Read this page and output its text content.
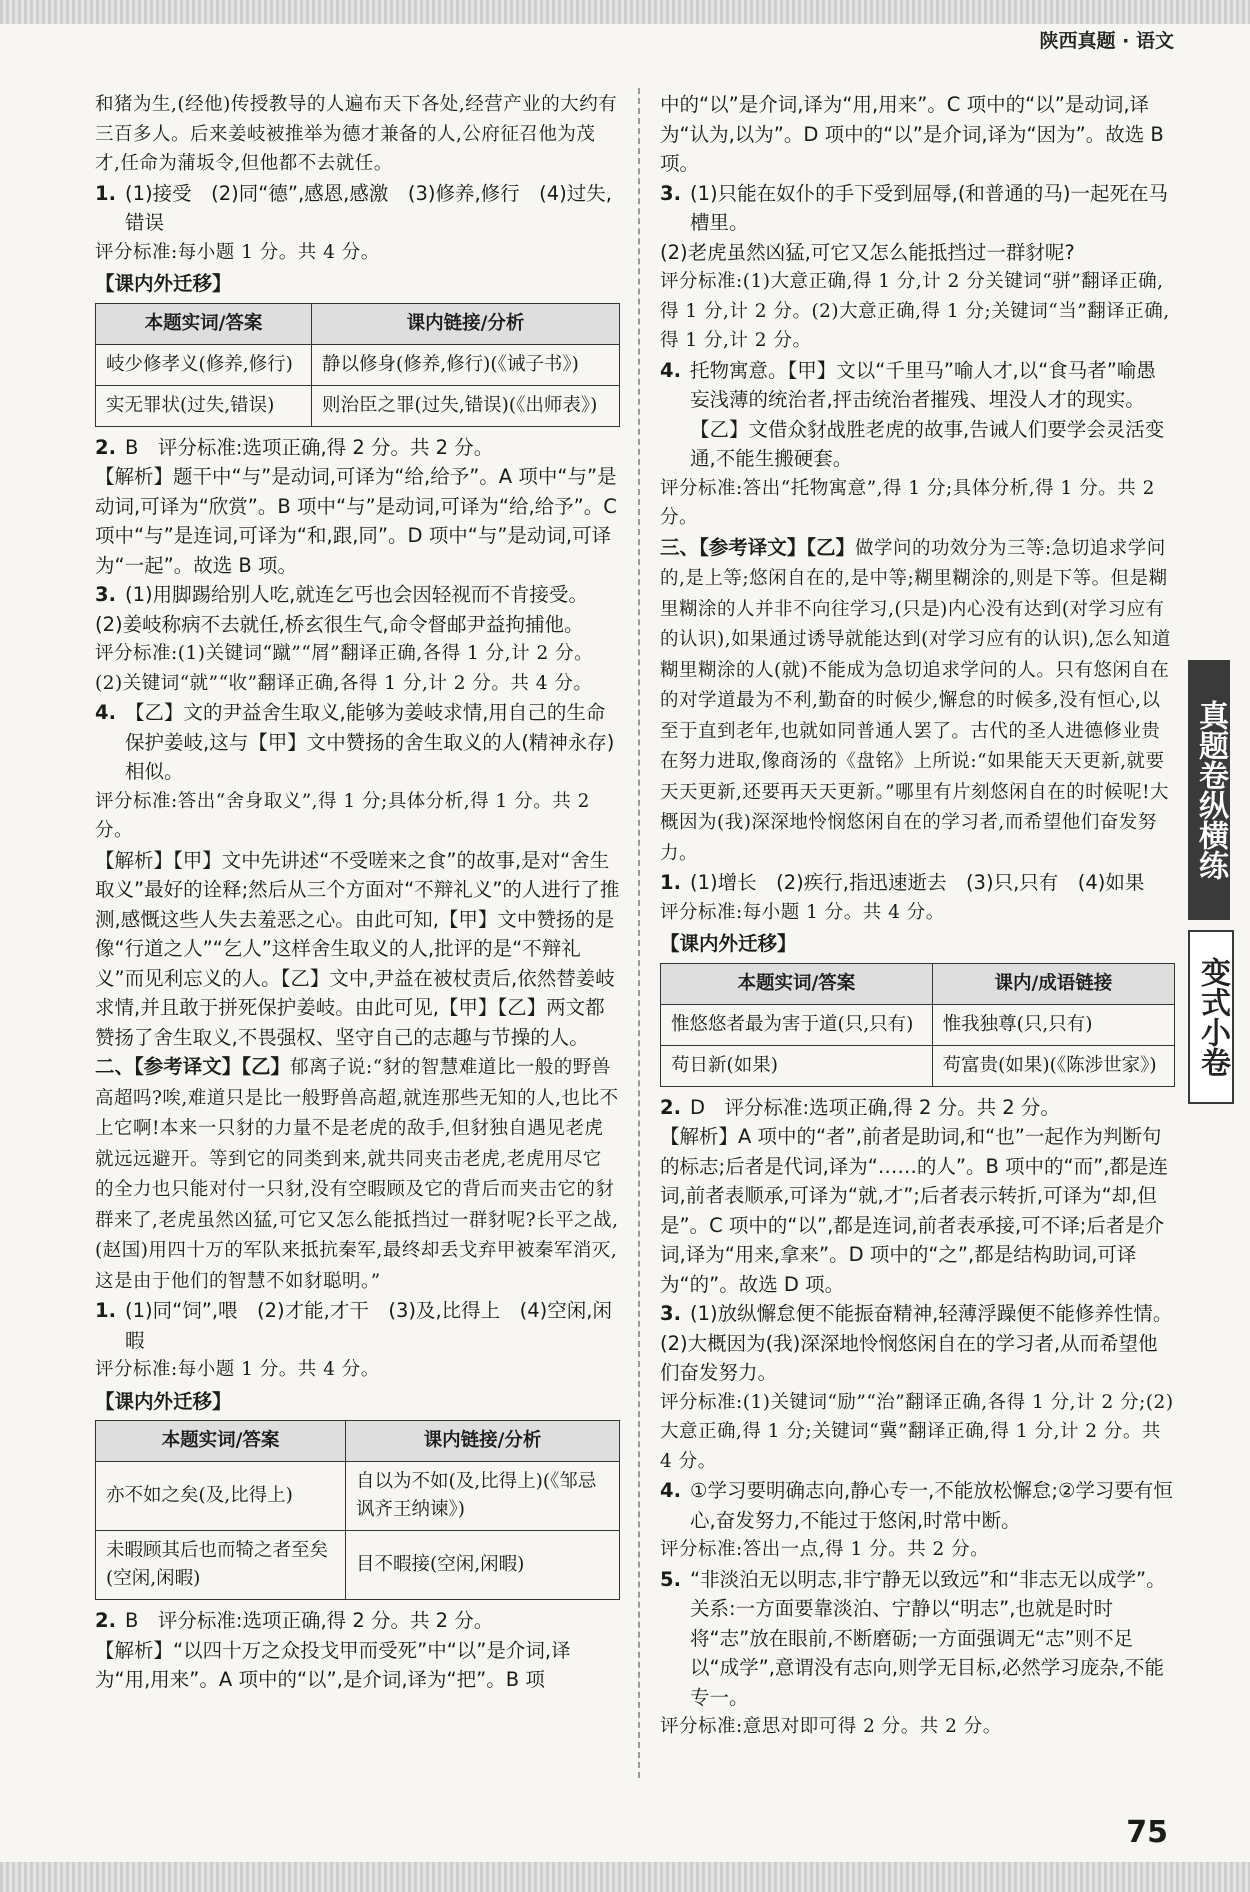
陕西真题 · 语文

和猪为生,(经他)传授教导的人遍布天下各处,经营产业的大约有三百多人。后来姜岐被推举为德才兼备的人,公府征召他为茂才,任命为蒲坂令,但他都不去就任。

1. (1)接受　(2)同“德”,感恩,感激　(3)修养,修行　(4)过失,错误

评分标准:每小题 1 分。共 4 分。

【课内外迁移】

本题实词/答案	课内链接/分析
岐少修孝义(修养,修行)	静以修身(修养,修行)(《诫子书》)
实无罪状(过失,错误)	则治臣之罪(过失,错误)(《出师表》)
2. B　评分标准:选项正确,得 2 分。共 2 分。

【解析】题干中“与”是动词,可译为“给,给予”。A 项中“与”是动词,可译为“欣赏”。B 项中“与”是动词,可译为“给,给予”。C 项中“与”是连词,可译为“和,跟,同”。D 项中“与”是动词,可译为“一起”。故选 B 项。

3. (1)用脚踢给别人吃,就连乞丐也会因轻视而不肯接受。

(2)姜岐称病不去就任,桥玄很生气,命令督邮尹益拘捕他。

评分标准:(1)关键词“蹴”“屑”翻译正确,各得 1 分,计 2 分。(2)关键词“就”“收”翻译正确,各得 1 分,计 2 分。共 4 分。

4. 【乙】文的尹益舍生取义,能够为姜岐求情,用自己的生命保护姜岐,这与【甲】文中赞扬的舍生取义的人(精神永存)相似。

评分标准:答出“舍身取义”,得 1 分;具体分析,得 1 分。共 2 分。

【解析】【甲】文中先讲述“不受嗟来之食”的故事,是对“舍生取义”最好的诠释;然后从三个方面对“不辩礼义”的人进行了推测,感慨这些人失去羞恶之心。由此可知,【甲】文中赞扬的是像“行道之人”“乞人”这样舍生取义的人,批评的是“不辩礼义”而见利忘义的人。【乙】文中,尹益在被杖责后,依然替姜岐求情,并且敢于拼死保护姜岐。由此可见,【甲】【乙】两文都赞扬了舍生取义,不畏强权、坚守自己的志趣与节操的人。

二、【参考译文】【乙】郁离子说:“豺的智慧难道比一般的野兽高超吗?唉,难道只是比一般野兽高超,就连那些无知的人,也比不上它啊!本来一只豺的力量不是老虎的敌手,但豺独自遇见老虎就远远避开。等到它的同类到来,就共同夹击老虎,老虎用尽它的全力也只能对付一只豺,没有空暇顾及它的背后而夹击它的豺群来了,老虎虽然凶猛,可它又怎么能抵挡过一群豺呢?长平之战,(赵国)用四十万的军队来抵抗秦军,最终却丢戈弃甲被秦军消灭,这是由于他们的智慧不如豺聪明。”

1. (1)同“饲”,喂　(2)才能,才干　(3)及,比得上　(4)空闲,闲暇

评分标准:每小题 1 分。共 4 分。

【课内外迁移】

本题实词/答案	课内链接/分析
亦不如之矣(及,比得上)	自以为不如(及,比得上)(《邹忌讽齐王纳谏》)
未暇顾其后也而犄之者至矣(空闲,闲暇)	目不暇接(空闲,闲暇)
2. B　评分标准:选项正确,得 2 分。共 2 分。

【解析】“以四十万之众投戈甲而受死”中“以”是介词,译为“用,用来”。A 项中的“以”,是介词,译为“把”。B 项

中的“以”是介词,译为“用,用来”。C 项中的“以”是动词,译为“认为,以为”。D 项中的“以”是介词,译为“因为”。故选 B 项。

3. (1)只能在奴仆的手下受到屈辱,(和普通的马)一起死在马槽里。

(2)老虎虽然凶猛,可它又怎么能抵挡过一群豺呢?

评分标准:(1)大意正确,得 1 分,计 2 分关键词“骈”翻译正确,得 1 分,计 2 分。(2)大意正确,得 1 分;关键词“当”翻译正确,得 1 分,计 2 分。

4. 托物寓意。【甲】文以“千里马”喻人才,以“食马者”喻愚妄浅薄的统治者,抨击统治者摧残、埋没人才的现实。【乙】文借众豺战胜老虎的故事,告诫人们要学会灵活变通,不能生搬硬套。

评分标准:答出“托物寓意”,得 1 分;具体分析,得 1 分。共 2 分。

三、【参考译文】【乙】做学问的功效分为三等:急切追求学问的,是上等;悠闲自在的,是中等;糊里糊涂的,则是下等。但是糊里糊涂的人并非不向往学习,(只是)内心没有达到(对学习应有的认识),如果通过诱导就能达到(对学习应有的认识),怎么知道糊里糊涂的人(就)不能成为急切追求学问的人。只有悠闲自在的对学道最为不利,勤奋的时候少,懈怠的时候多,没有恒心,以至于直到老年,也就如同普通人罢了。古代的圣人进德修业贵在努力进取,像商汤的《盘铭》上所说:“如果能天天更新,就要天天更新,还要再天天更新。”哪里有片刻悠闲自在的时候呢!大概因为(我)深深地怜悯悠闲自在的学习者,而希望他们奋发努力。

1. (1)增长　(2)疾行,指迅速逝去　(3)只,只有　(4)如果

评分标准:每小题 1 分。共 4 分。

【课内外迁移】

本题实词/答案	课内/成语链接
惟悠悠者最为害于道(只,只有)	惟我独尊(只,只有)
苟日新(如果)	苟富贵(如果)(《陈涉世家》)
2. D　评分标准:选项正确,得 2 分。共 2 分。

【解析】A 项中的“者”,前者是助词,和“也”一起作为判断句的标志;后者是代词,译为“……的人”。B 项中的“而”,都是连词,前者表顺承,可译为“就,才”;后者表示转折,可译为“却,但是”。C 项中的“以”,都是连词,前者表承接,可不译;后者是介词,译为“用来,拿来”。D 项中的“之”,都是结构助词,可译为“的”。故选 D 项。

3. (1)放纵懈怠便不能振奋精神,轻薄浮躁便不能修养性情。

(2)大概因为(我)深深地怜悯悠闲自在的学习者,从而希望他们奋发努力。

评分标准:(1)关键词“励”“治”翻译正确,各得 1 分,计 2 分;(2)大意正确,得 1 分;关键词“冀”翻译正确,得 1 分,计 2 分。共 4 分。

4. ①学习要明确志向,静心专一,不能放松懈怠;②学习要有恒心,奋发努力,不能过于悠闲,时常中断。

评分标准:答出一点,得 1 分。共 2 分。

5. “非淡泊无以明志,非宁静无以致远”和“非志无以成学”。关系:一方面要靠淡泊、宁静以“明志”,也就是时时将“志”放在眼前,不断磨砺;一方面强调无“志”则不足以“成学”,意谓没有志向,则学无目标,必然学习庞杂,不能专一。

评分标准:意思对即可得 2 分。共 2 分。

真题卷纵横练
变式小卷
75
